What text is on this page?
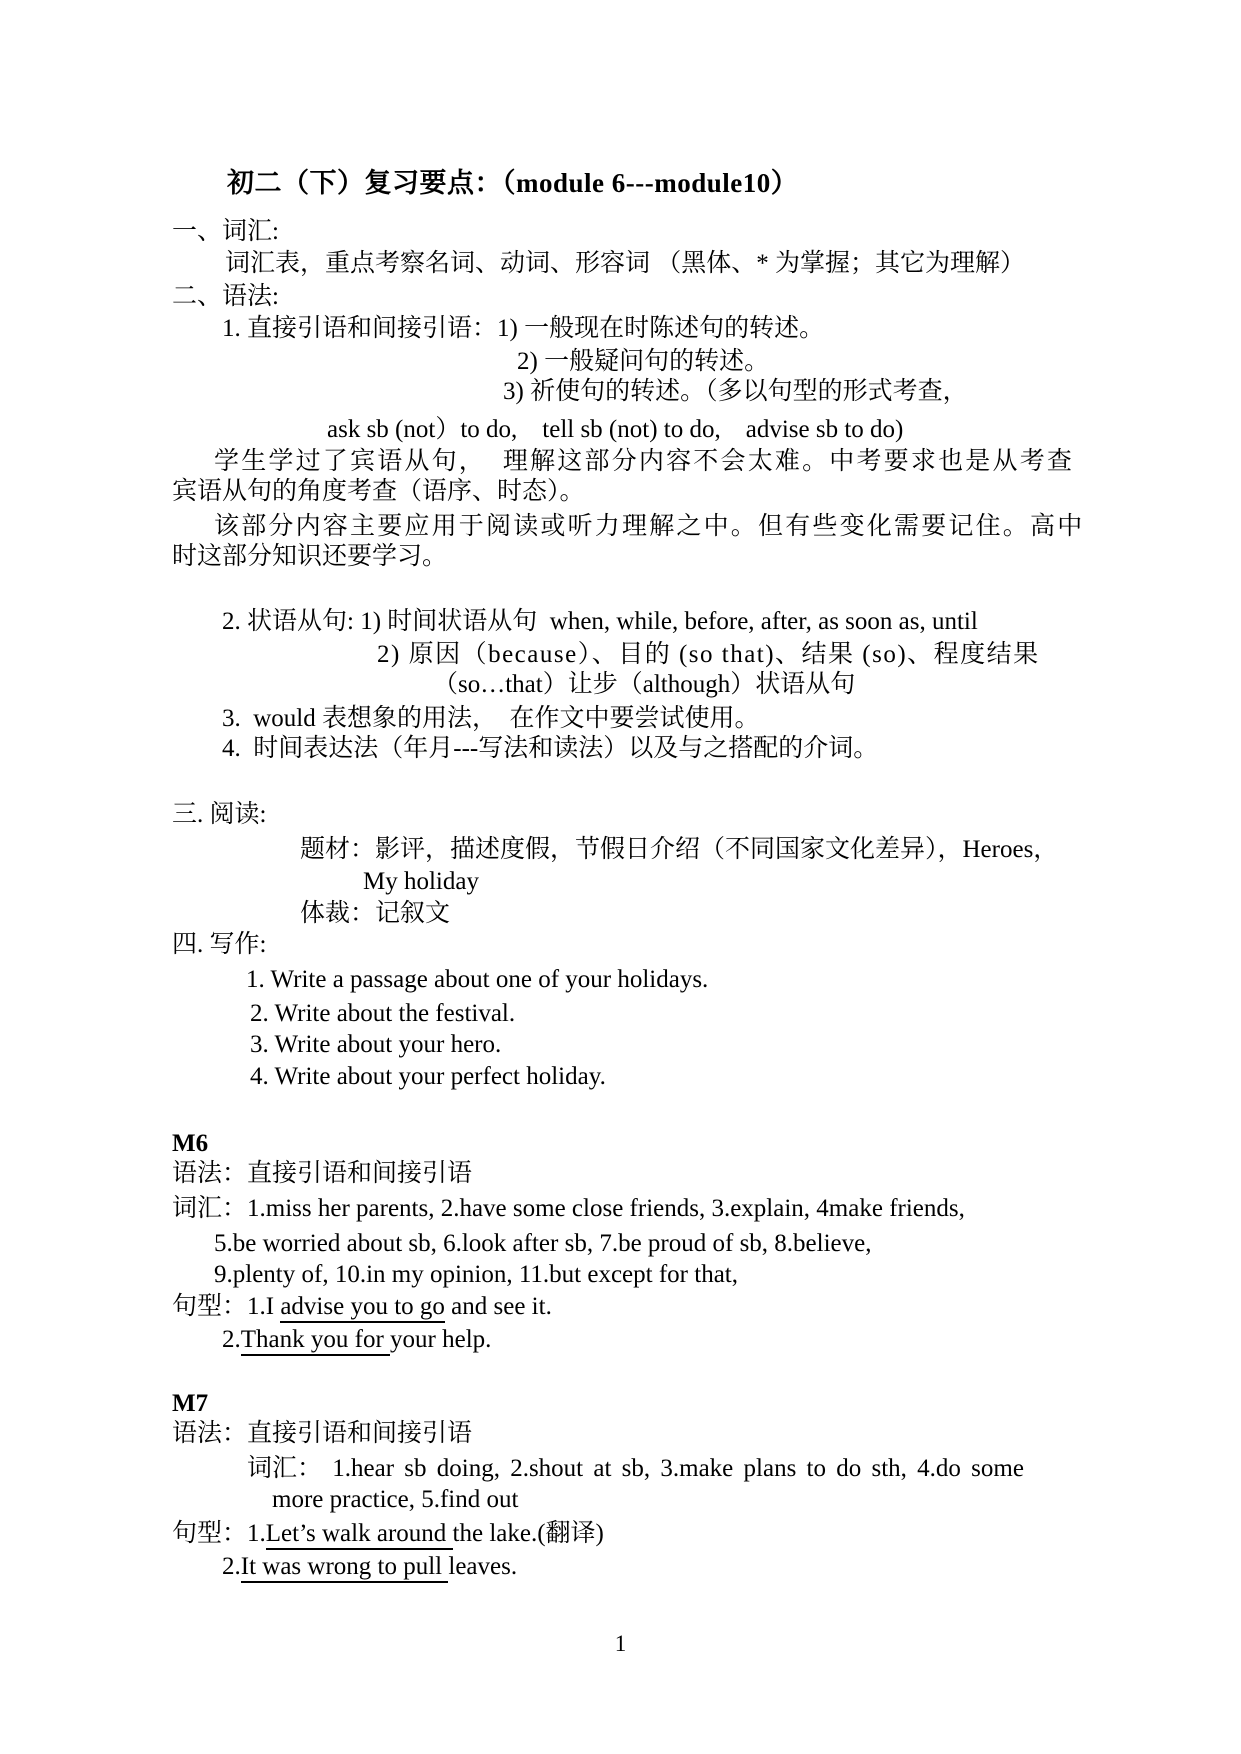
初二（下）复习要点：（module 6---module10）
一、词汇:
词汇表，重点考察名词、动词、形容词 （黑体、* 为掌握；其它为理解）
二、语法:
1. 直接引语和间接引语：1) 一般现在时陈述句的转述。
2) 一般疑问句的转述。
3) 祈使句的转述。（多以句型的形式考查，
ask sb (not）to do,    tell sb (not) to do,    advise sb to do)
学生学过了宾语从句，  理解这部分内容不会太难。中考要求也是从考查
宾语从句的角度考查（语序、时态）。
该部分内容主要应用于阅读或听力理解之中。但有些变化需要记住。高中
时这部分知识还要学习。
2. 状语从句: 1) 时间状语从句  when, while, before, after, as soon as, until
2) 原因（because）、目的 (so that)、结果 (so)、程度结果
（so…that）让步（although）状语从句
3.  would 表想象的用法，  在作文中要尝试使用。
4.  时间表达法（年月---写法和读法）以及与之搭配的介词。
三. 阅读:
题材：影评，描述度假，节假日介绍（不同国家文化差异），Heroes，
My holiday
体裁：记叙文
四. 写作:
1. Write a passage about one of your holidays.
2. Write about the festival.
3. Write about your hero.
4. Write about your perfect holiday.
M6
语法：直接引语和间接引语
词汇：1.miss her parents, 2.have some close friends, 3.explain, 4make friends,
5.be worried about sb, 6.look after sb, 7.be proud of sb, 8.believe,
9.plenty of, 10.in my opinion, 11.but except for that,
句型：1.I advise you to go and see it.
2.Thank you for your help.
M7
语法：直接引语和间接引语
词汇： 1.hear sb doing, 2.shout at sb, 3.make plans to do sth, 4.do some
more practice, 5.find out
句型：1.Let’s walk around the lake.(翻译)
2.It was wrong to pull leaves.
1
